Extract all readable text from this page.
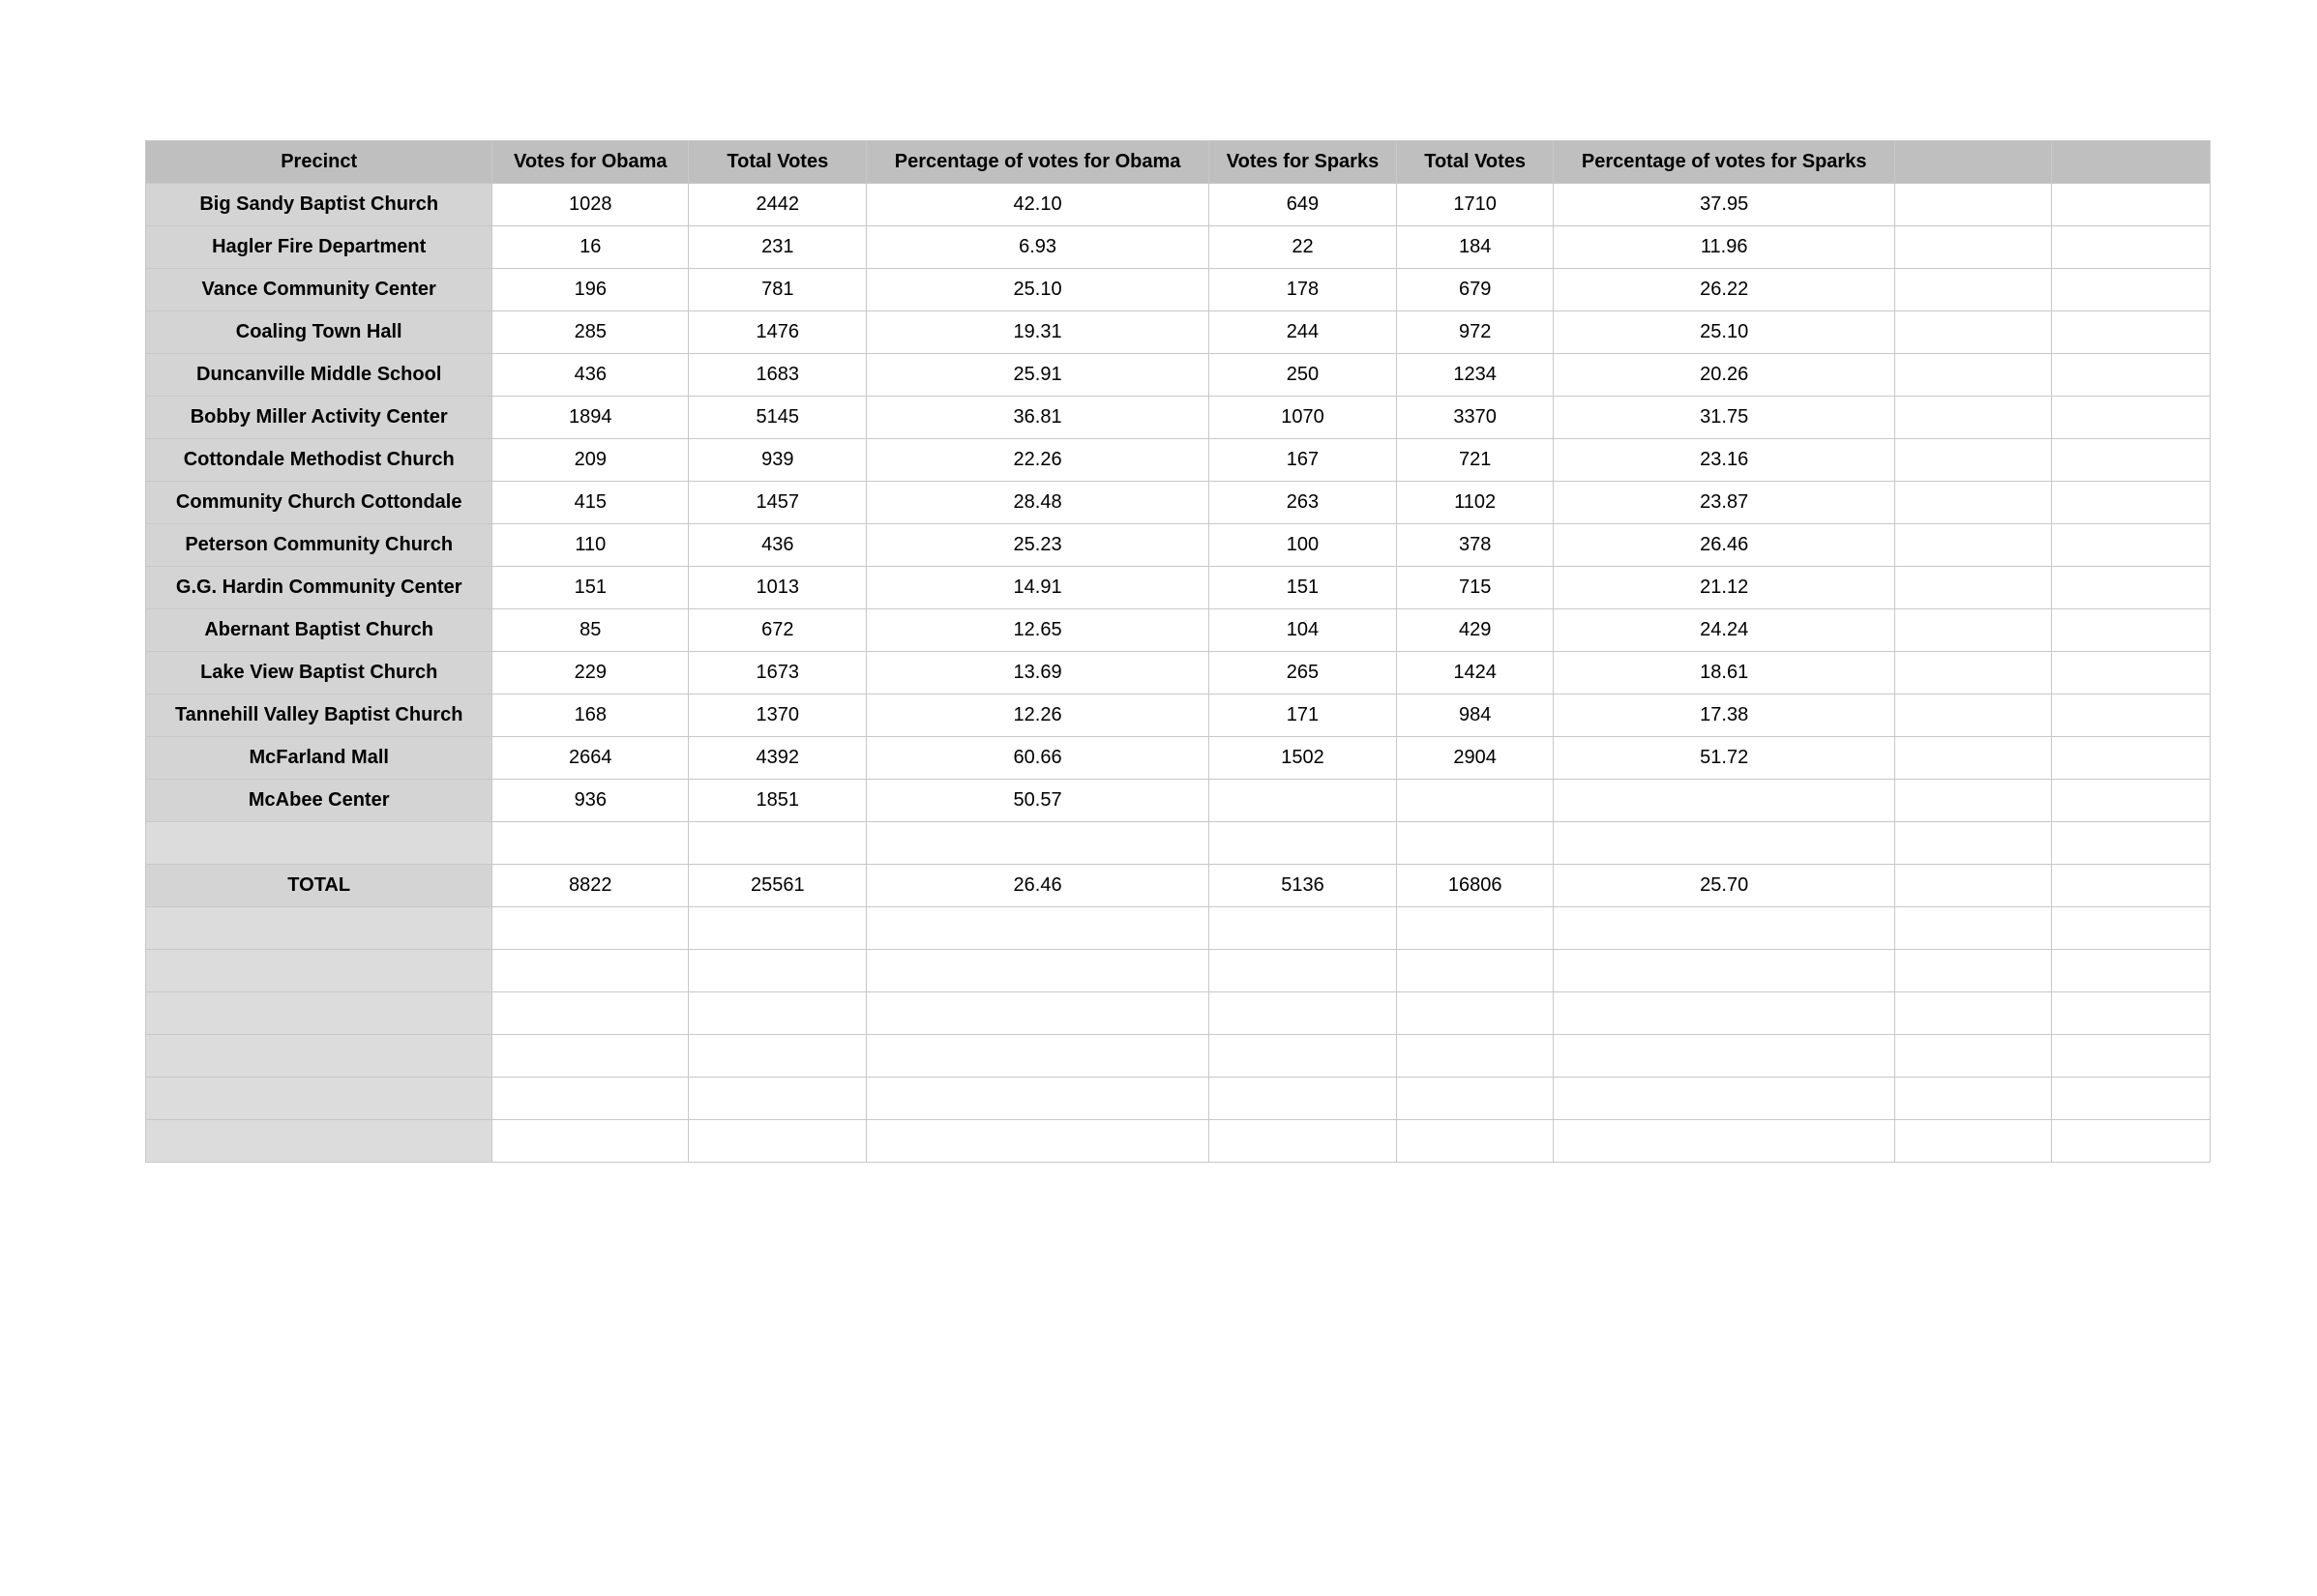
Precinct	Votes for Obama	Total Votes	Percentage of votes for Obama	Votes for Sparks	Total Votes	Percentage of votes for Sparks		
Big Sandy Baptist Church	1028	2442	42.10	649	1710	37.95		
Hagler Fire Department	16	231	6.93	22	184	11.96		
Vance Community Center	196	781	25.10	178	679	26.22		
Coaling Town Hall	285	1476	19.31	244	972	25.10		
Duncanville Middle School	436	1683	25.91	250	1234	20.26		
Bobby Miller Activity Center	1894	5145	36.81	1070	3370	31.75		
Cottondale Methodist Church	209	939	22.26	167	721	23.16		
Community Church Cottondale	415	1457	28.48	263	1102	23.87		
Peterson Community Church	110	436	25.23	100	378	26.46		
G.G. Hardin Community Center	151	1013	14.91	151	715	21.12		
Abernant Baptist Church	85	672	12.65	104	429	24.24		
Lake View Baptist Church	229	1673	13.69	265	1424	18.61		
Tannehill Valley Baptist Church	168	1370	12.26	171	984	17.38		
McFarland Mall	2664	4392	60.66	1502	2904	51.72		
McAbee Center	936	1851	50.57					

TOTAL	8822	25561	26.46	5136	16806	25.70		
